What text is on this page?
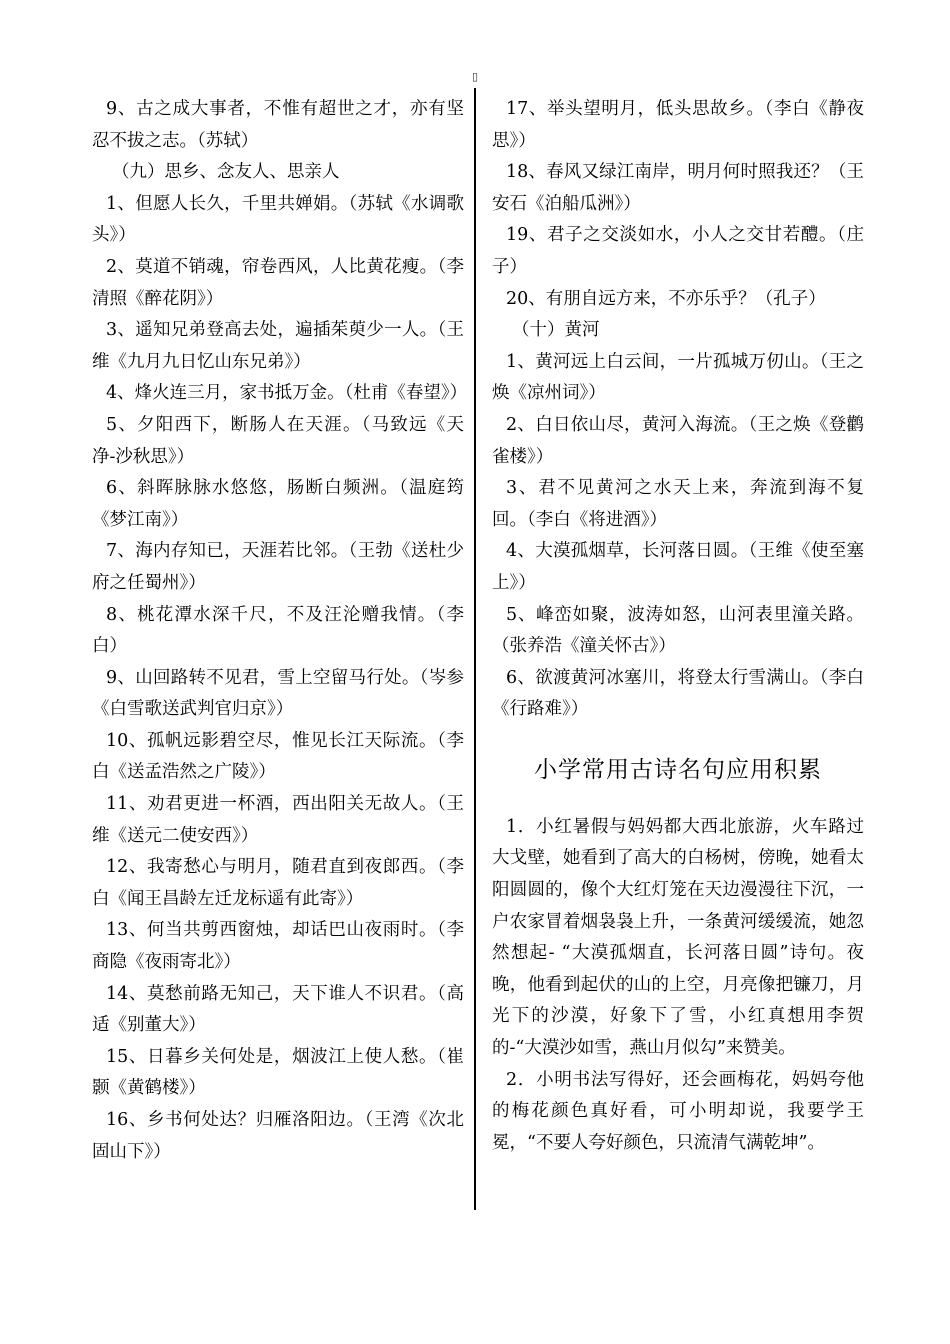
▯

9、古之成大事者，不惟有超世之才，亦有坚忍不拔之志。（苏轼）

（九）思乡、念友人、思亲人

1、但愿人长久，千里共婵娟。（苏轼《水调歌头》）

2、莫道不销魂，帘卷西风，人比黄花瘦。（李清照《醉花阴》）

3、遥知兄弟登高去处，遍插茱萸少一人。（王维《九月九日忆山东兄弟》）

4、烽火连三月，家书抵万金。（杜甫《春望》）

5、夕阳西下，断肠人在天涯。（马致远《天净-沙秋思》）

6、斜晖脉脉水悠悠，肠断白频洲。（温庭筠《梦江南》）

7、海内存知已，天涯若比邻。（王勃《送杜少府之任蜀州》）

8、桃花潭水深千尺，不及汪沦赠我情。（李白）

9、山回路转不见君，雪上空留马行处。（岑参《白雪歌送武判官归京》）

10、孤帆远影碧空尽，惟见长江天际流。（李白《送孟浩然之广陵》）

11、劝君更进一杯酒，西出阳关无故人。（王维《送元二使安西》）

12、我寄愁心与明月，随君直到夜郎西。（李白《闻王昌龄左迁龙标遥有此寄》）

13、何当共剪西窗烛，却话巴山夜雨时。（李商隐《夜雨寄北》）

14、莫愁前路无知己，天下谁人不识君。（高适《别董大》）

15、日暮乡关何处是，烟波江上使人愁。（崔颢《黄鹤楼》）

16、乡书何处达？归雁洛阳边。（王湾《次北固山下》）

17、举头望明月，低头思故乡。（李白《静夜思》）

18、春风又绿江南岸，明月何时照我还？（王安石《泊船瓜洲》）

19、君子之交淡如水，小人之交甘若醴。（庄子）

20、有朋自远方来，不亦乐乎？（孔子）

（十）黄河

1、黄河远上白云间，一片孤城万仞山。（王之焕《凉州词》）

2、白日依山尽，黄河入海流。（王之焕《登鹳雀楼》）

3、君不见黄河之水天上来，奔流到海不复回。（李白《将进酒》）

4、大漠孤烟草，长河落日圆。（王维《使至塞上》）

5、峰峦如聚，波涛如怒，山河表里潼关路。（张养浩《潼关怀古》）

6、欲渡黄河冰塞川，将登太行雪满山。（李白《行路难》）

小学常用古诗名句应用积累

1．小红暑假与妈妈都大西北旅游，火车路过大戈壁，她看到了高大的白杨树，傍晚，她看太阳圆圆的，像个大红灯笼在天边漫漫往下沉，一户农家冒着烟袅袅上升，一条黄河缓缓流，她忽然想起- “大漠孤烟直，长河落日圆”诗句。夜晚，他看到起伏的山的上空，月亮像把镰刀，月光下的沙漠，好象下了雪，小红真想用李贺的-“大漠沙如雪，燕山月似勾”来赞美。

2．小明书法写得好，还会画梅花，妈妈夸他的梅花颜色真好看，可小明却说，我要学王冕，“不要人夸好颜色，只流清气满乾坤”。
